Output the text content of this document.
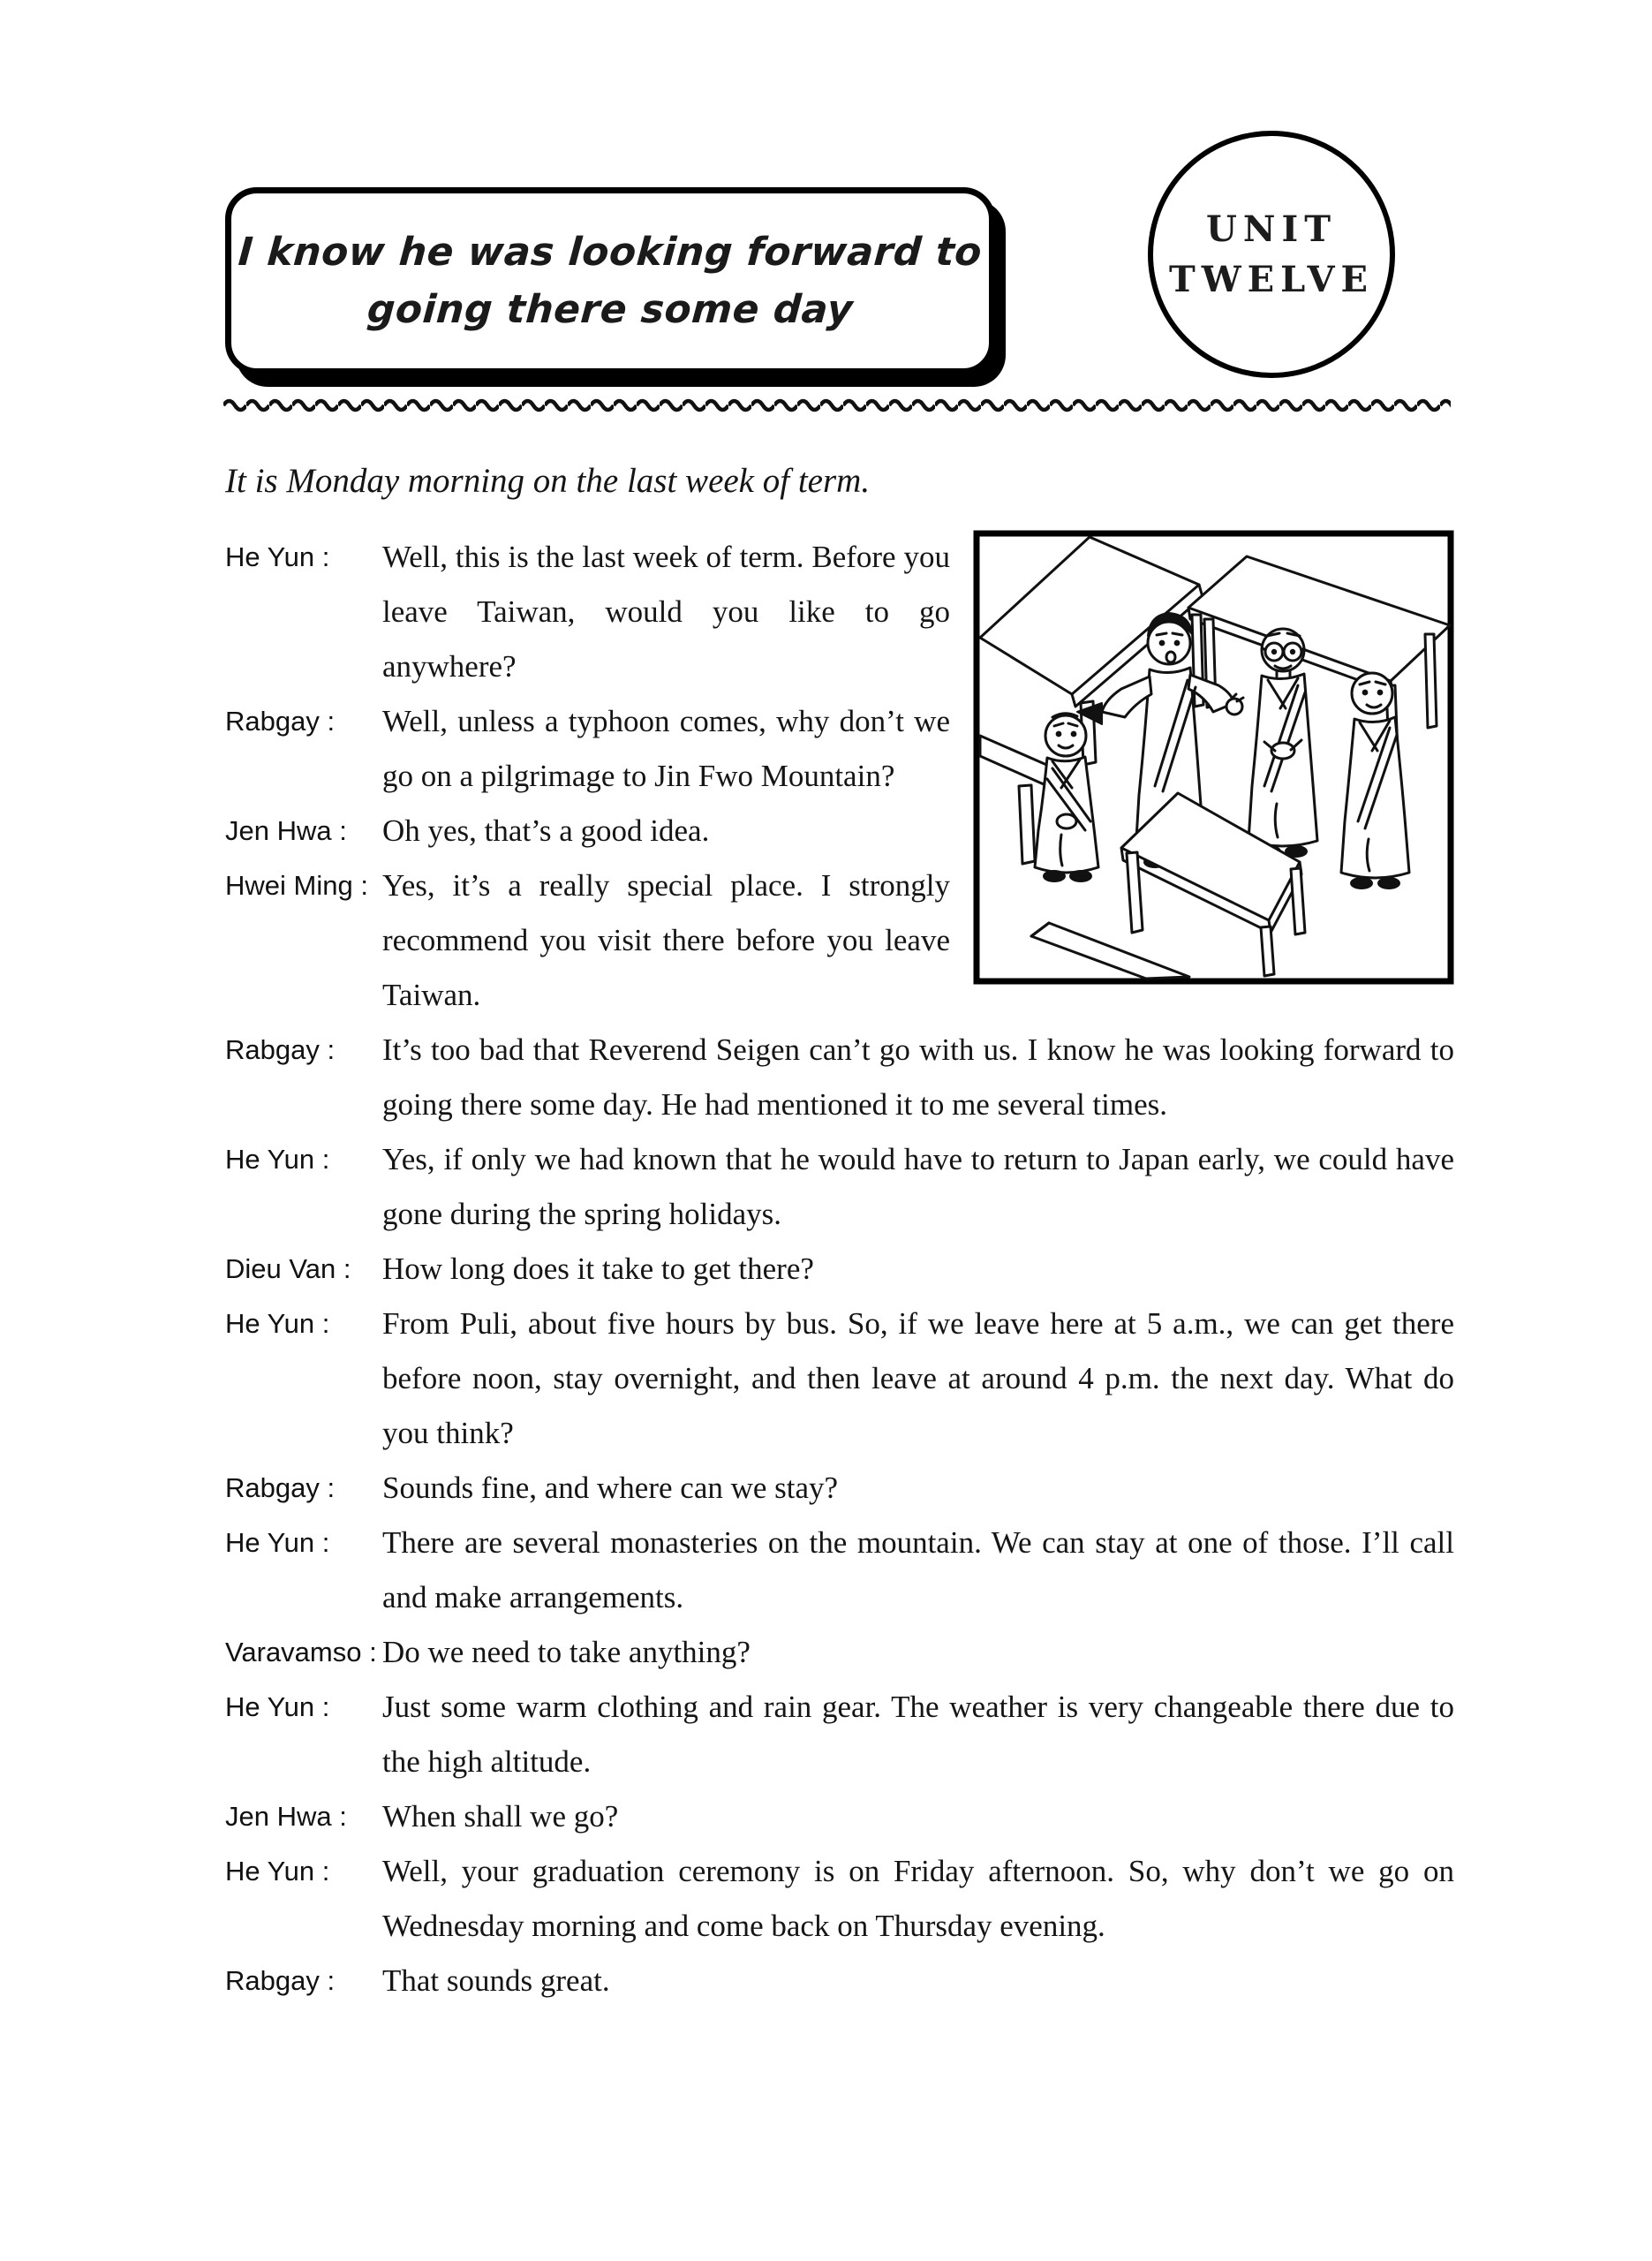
I know he was looking forward to
going there some day
UNIT
TWELVE
It is Monday morning on the last week of term.
He Yun : Well, this is the last week of term. Before you leave Taiwan, would you like to go anywhere?
Rabgay : Well, unless a typhoon comes, why don’t we go on a pilgrimage to Jin Fwo Mountain?
Jen Hwa : Oh yes, that’s a good idea.
Hwei Ming : Yes, it’s a really special place. I strongly recommend you visit there before you leave Taiwan.
Rabgay : It’s too bad that Reverend Seigen can’t go with us. I know he was looking forward to going there some day. He had mentioned it to me several times.
He Yun : Yes, if only we had known that he would have to return to Japan early, we could have gone during the spring holidays.
Dieu Van : How long does it take to get there?
He Yun : From Puli, about five hours by bus. So, if we leave here at 5 a.m., we can get there before noon, stay overnight, and then leave at around 4 p.m. the next day. What do you think?
Rabgay : Sounds fine, and where can we stay?
He Yun : There are several monasteries on the mountain. We can stay at one of those. I’ll call and make arrangements.
Varavamso : Do we need to take anything?
He Yun : Just some warm clothing and rain gear. The weather is very changeable there due to the high altitude.
Jen Hwa : When shall we go?
He Yun : Well, your graduation ceremony is on Friday afternoon. So, why don’t we go on Wednesday morning and come back on Thursday evening.
Rabgay : That sounds great.
